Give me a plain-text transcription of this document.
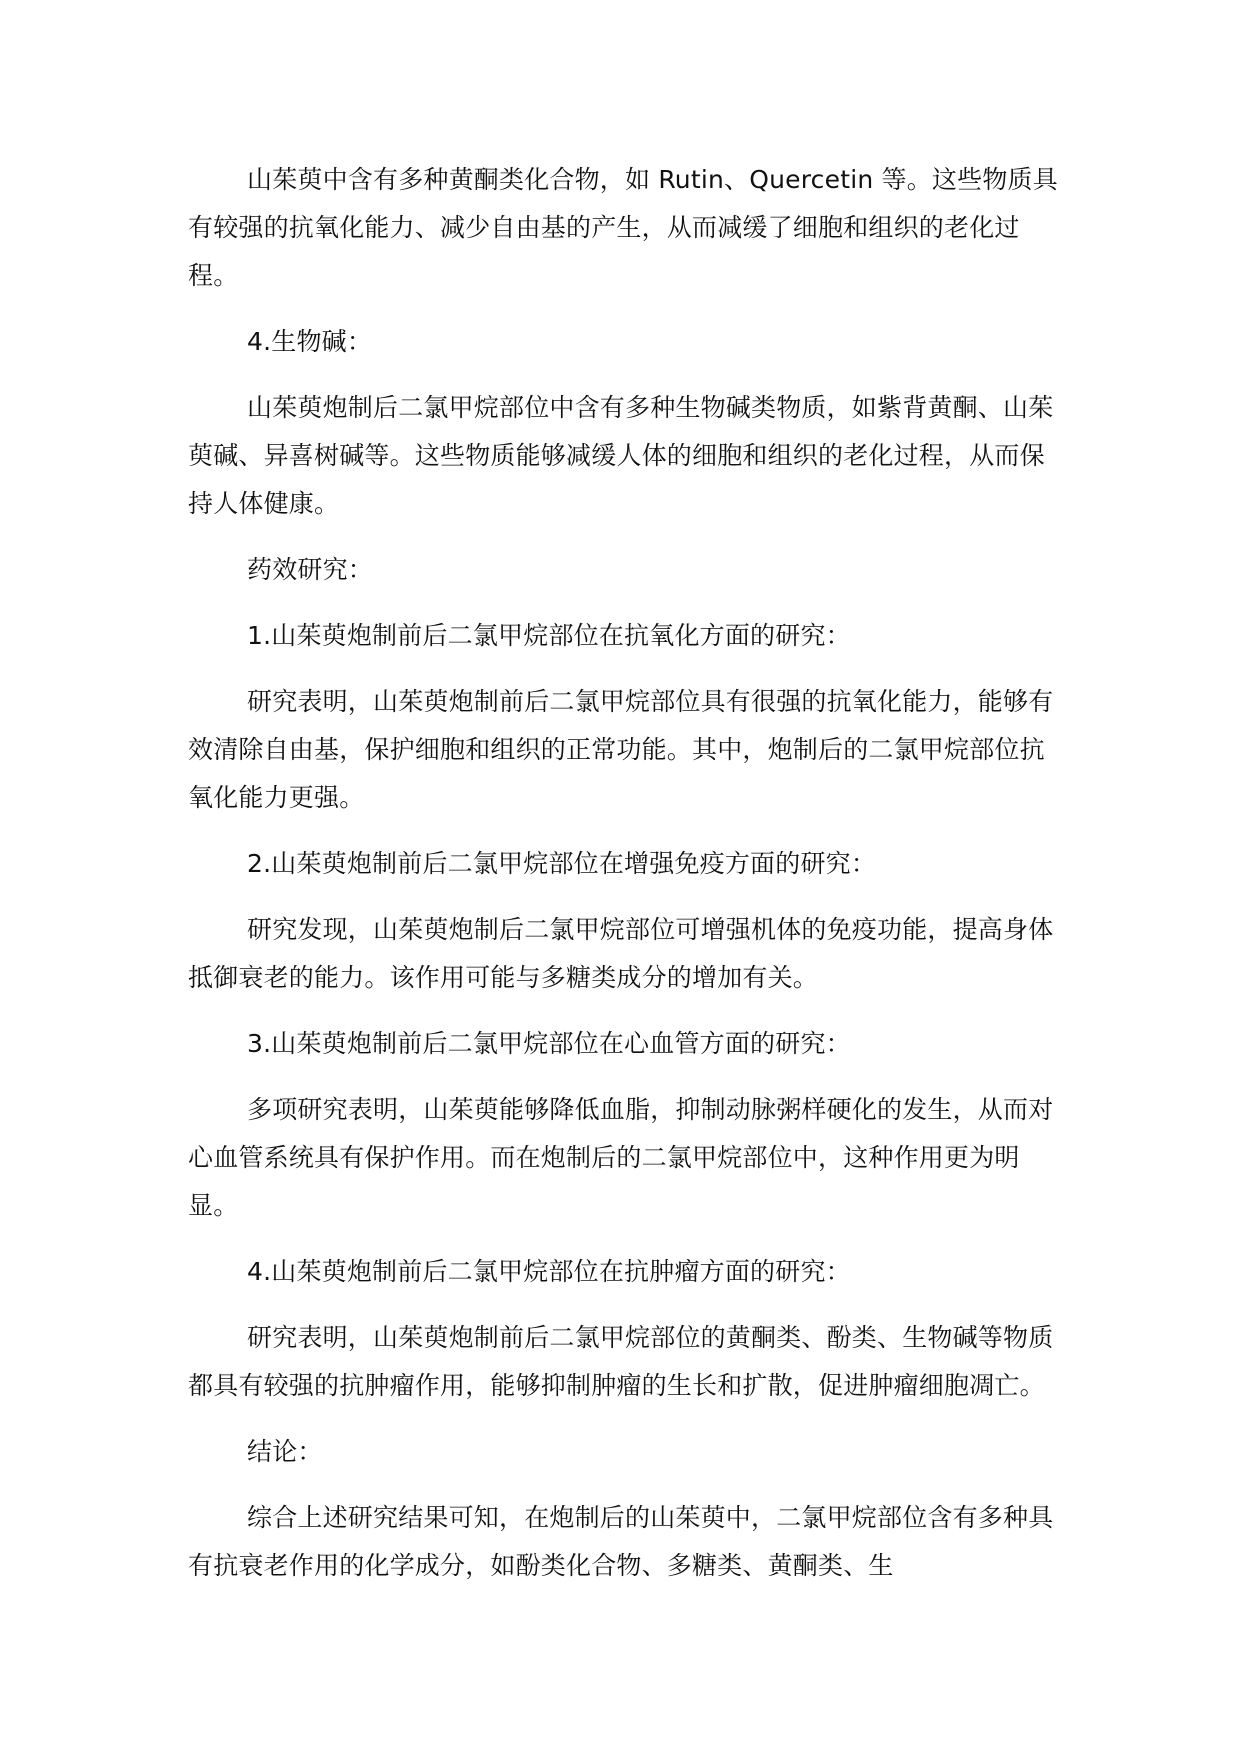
山茱萸中含有多种黄酮类化合物，如 Rutin、Quercetin 等。这些物质具有较强的抗氧化能力、减少自由基的产生，从而减缓了细胞和组织的老化过程。

4.生物碱：

山茱萸炮制后二氯甲烷部位中含有多种生物碱类物质，如紫背黄酮、山茱萸碱、异喜树碱等。这些物质能够减缓人体的细胞和组织的老化过程，从而保持人体健康。

药效研究：

1.山茱萸炮制前后二氯甲烷部位在抗氧化方面的研究：

研究表明，山茱萸炮制前后二氯甲烷部位具有很强的抗氧化能力，能够有效清除自由基，保护细胞和组织的正常功能。其中，炮制后的二氯甲烷部位抗氧化能力更强。

2.山茱萸炮制前后二氯甲烷部位在增强免疫方面的研究：

研究发现，山茱萸炮制后二氯甲烷部位可增强机体的免疫功能，提高身体抵御衰老的能力。该作用可能与多糖类成分的增加有关。

3.山茱萸炮制前后二氯甲烷部位在心血管方面的研究：

多项研究表明，山茱萸能够降低血脂，抑制动脉粥样硬化的发生，从而对心血管系统具有保护作用。而在炮制后的二氯甲烷部位中，这种作用更为明显。

4.山茱萸炮制前后二氯甲烷部位在抗肿瘤方面的研究：

研究表明，山茱萸炮制前后二氯甲烷部位的黄酮类、酚类、生物碱等物质都具有较强的抗肿瘤作用，能够抑制肿瘤的生长和扩散，促进肿瘤细胞凋亡。

结论：

综合上述研究结果可知，在炮制后的山茱萸中，二氯甲烷部位含有多种具有抗衰老作用的化学成分，如酚类化合物、多糖类、黄酮类、生
